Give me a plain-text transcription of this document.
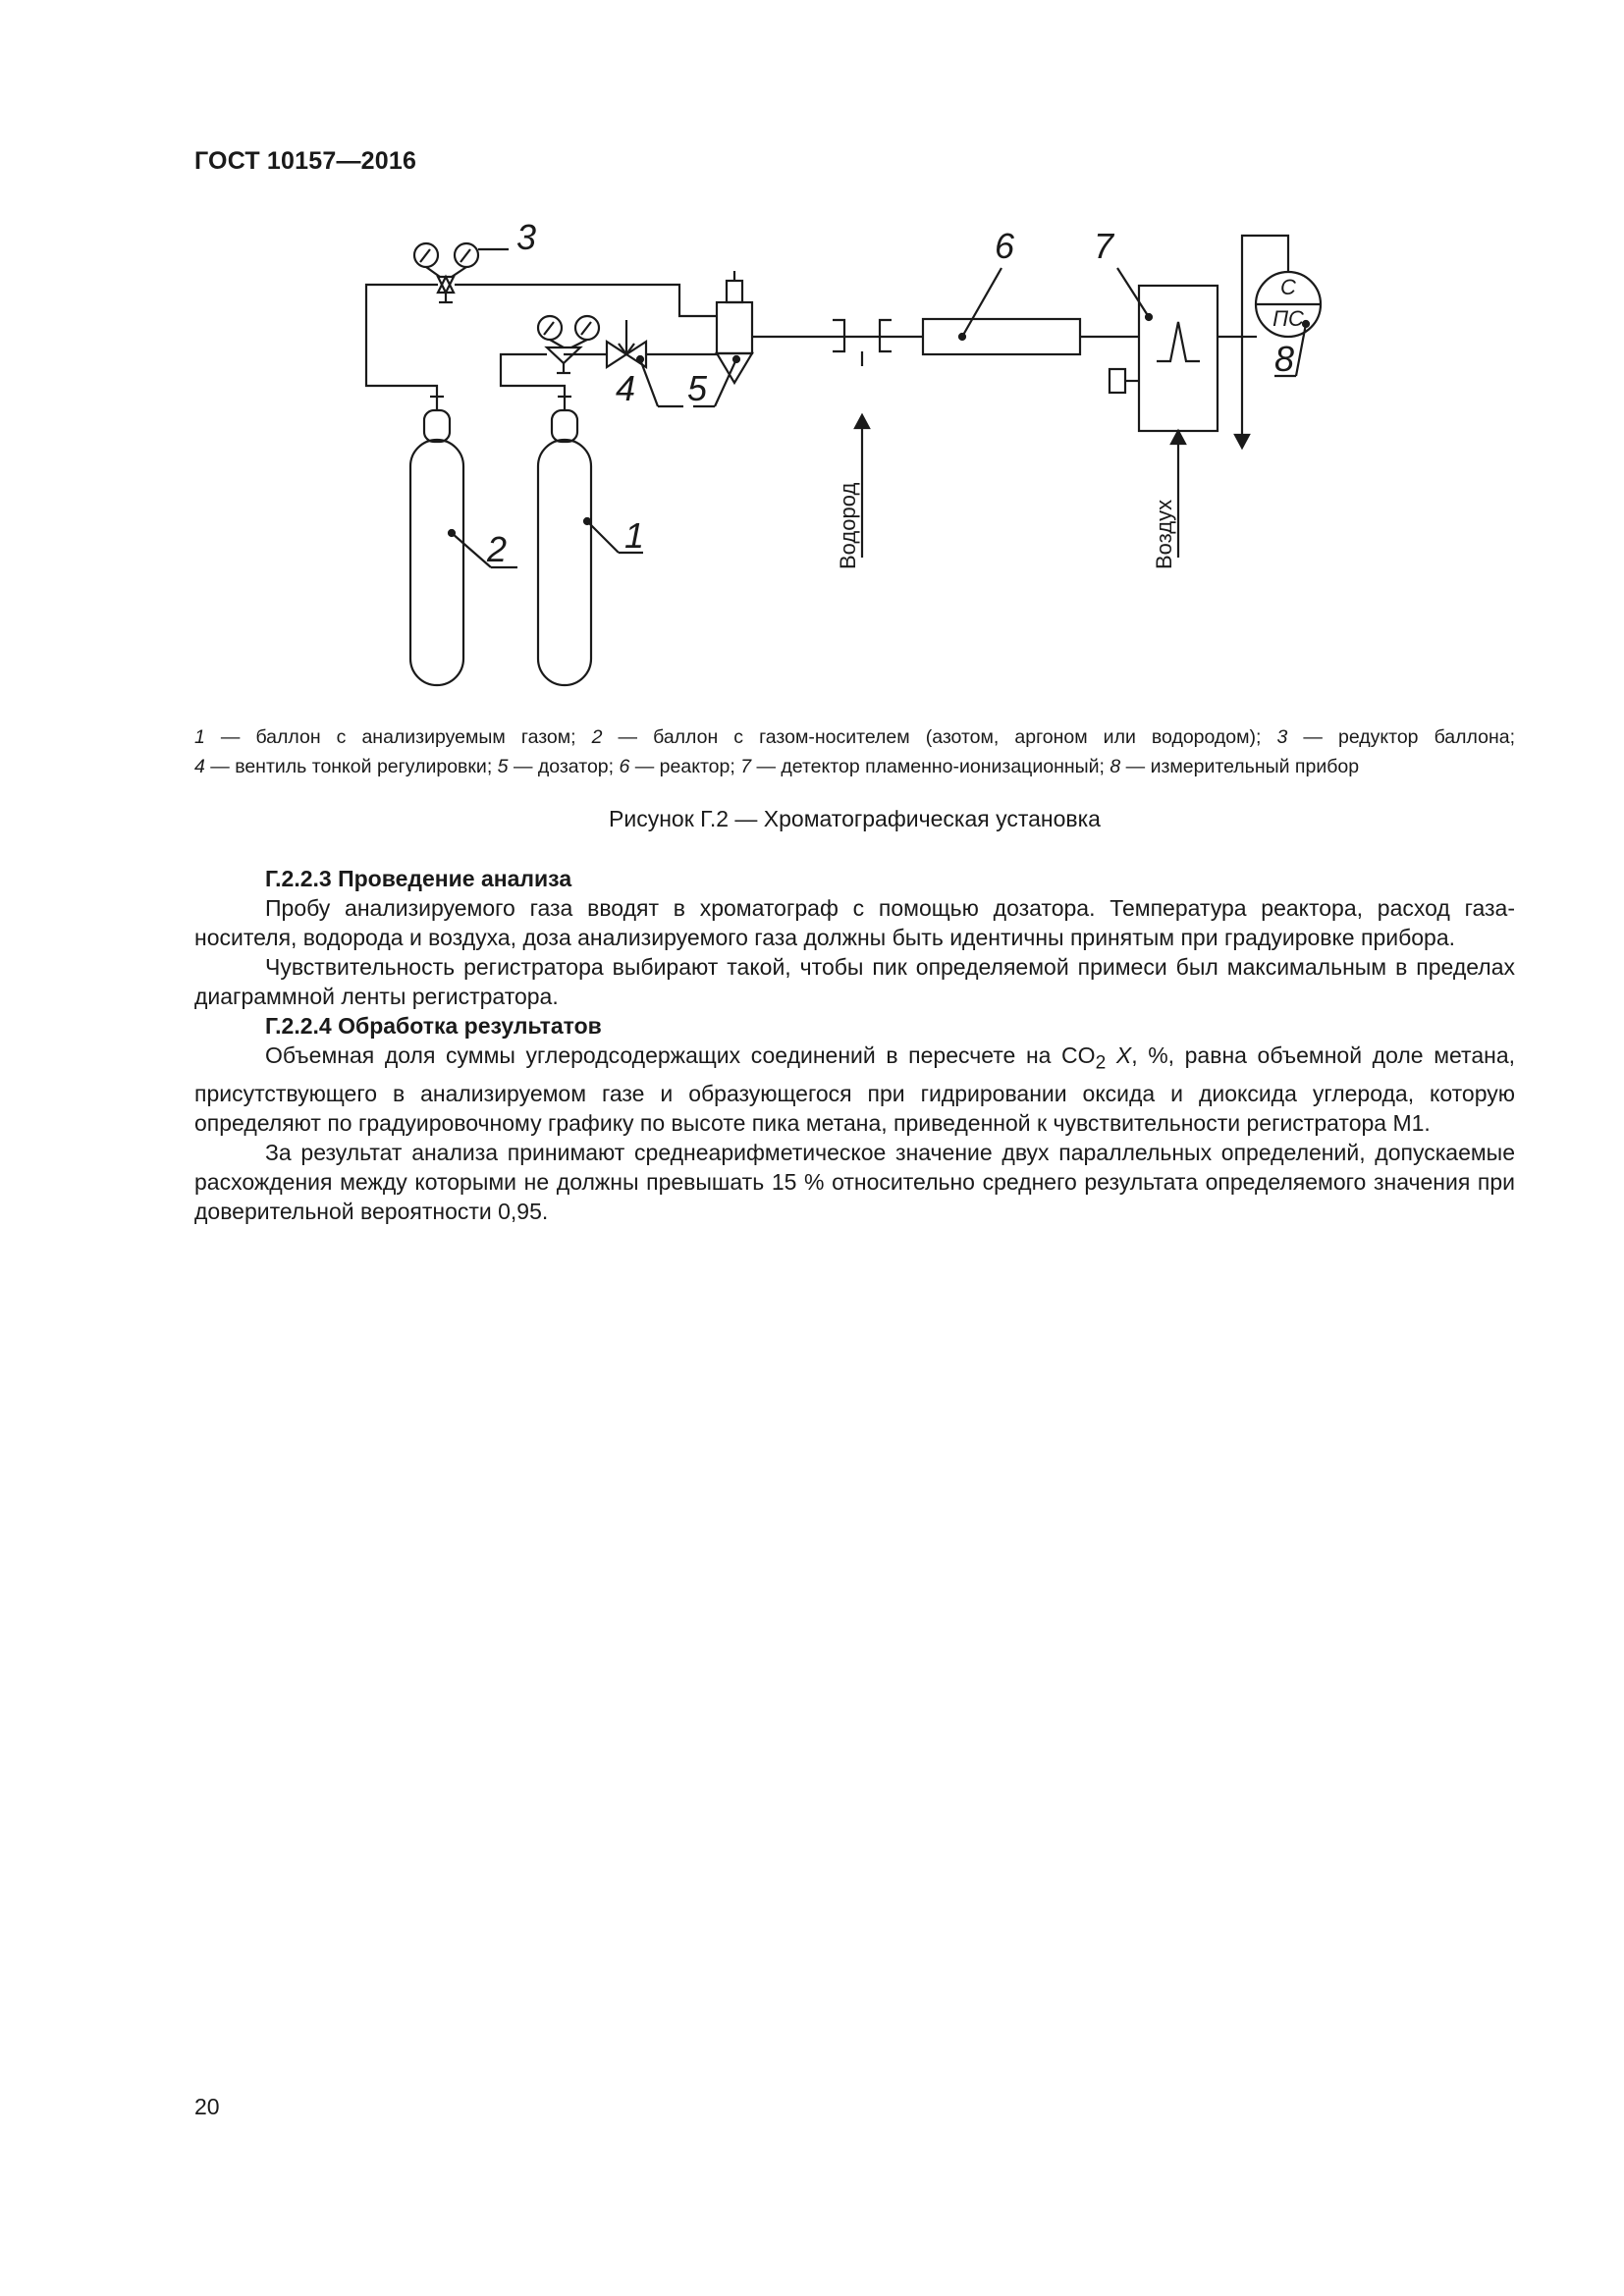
ГОСТ 10157—2016
3
4 5
6 7
8
2	1
С
ПС
Водород	Воздух
1 — баллон с анализируемым газом; 2 — баллон с газом-носителем (азотом, аргоном или водородом); 3 — редуктор баллона;
4 — вентиль тонкой регулировки; 5 — дозатор; 6 — реактор; 7 — детектор пламенно-ионизационный; 8 — измерительный прибор
Рисунок Г.2 — Хроматографическая установка
Г.2.2.3 Проведение анализа

Пробу анализируемого газа вводят в хроматограф с помощью дозатора. Температура реактора, расход газа-носителя, водорода и воздуха, доза анализируемого газа должны быть идентичны принятым при градуировке прибора.

Чувствительность регистратора выбирают такой, чтобы пик определяемой примеси был максимальным в пределах диаграммной ленты регистратора.

Г.2.2.4 Обработка результатов

Объемная доля суммы углеродсодержащих соединений в пересчете на $CO_2$ X, %, равна объемной доле метана, присутствующего в анализируемом газе и образующегося при гидрировании оксида и диоксида углерода, которую определяют по градуировочному графику по высоте пика метана, приведенной к чувствительности регистратора М1.

За результат анализа принимают среднеарифметическое значение двух параллельных определений, допускаемые расхождения между которыми не должны превышать 15 % относительно среднего результата определяемого значения при доверительной вероятности 0,95.

20
